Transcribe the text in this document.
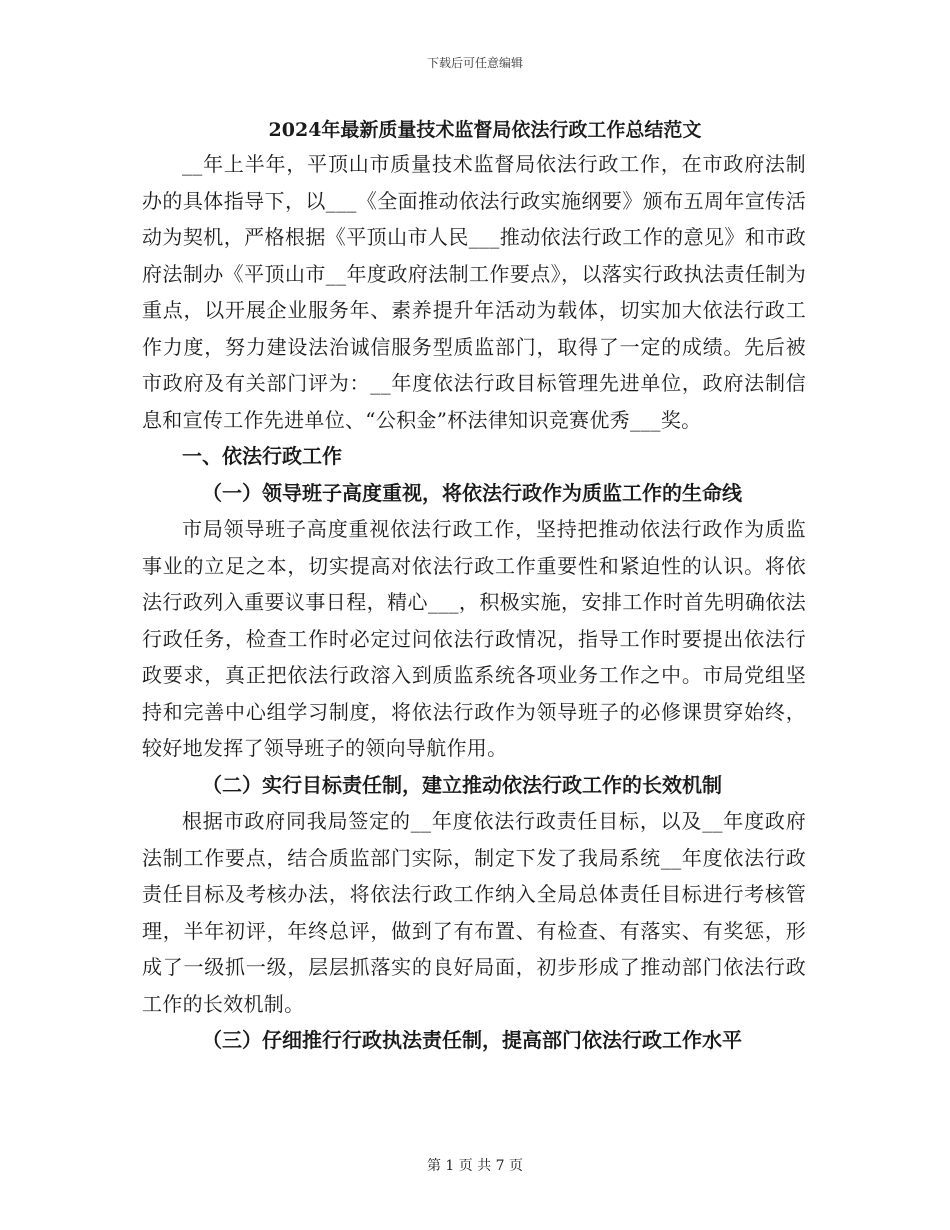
下载后可任意编辑
2024年最新质量技术监督局依法行政工作总结范文

__年上半年，平顶山市质量技术监督局依法行政工作，在市政府法制办的具体指导下，以___《全面推动依法行政实施纲要》颁布五周年宣传活动为契机，严格根据《平顶山市人民___推动依法行政工作的意见》和市政府法制办《平顶山市__年度政府法制工作要点》，以落实行政执法责任制为重点，以开展企业服务年、素养提升年活动为载体，切实加大依法行政工作力度，努力建设法治诚信服务型质监部门，取得了一定的成绩。先后被市政府及有关部门评为：__年度依法行政目标管理先进单位，政府法制信息和宣传工作先进单位、“公积金”杯法律知识竞赛优秀___奖。

一、依法行政工作

（一）领导班子高度重视，将依法行政作为质监工作的生命线

市局领导班子高度重视依法行政工作，坚持把推动依法行政作为质监事业的立足之本，切实提高对依法行政工作重要性和紧迫性的认识。将依法行政列入重要议事日程，精心___，积极实施，安排工作时首先明确依法行政任务，检查工作时必定过问依法行政情况，指导工作时要提出依法行政要求，真正把依法行政溶入到质监系统各项业务工作之中。市局党组坚持和完善中心组学习制度，将依法行政作为领导班子的必修课贯穿始终，较好地发挥了领导班子的领向导航作用。

（二）实行目标责任制，建立推动依法行政工作的长效机制

根据市政府同我局签定的__年度依法行政责任目标，以及__年度政府法制工作要点，结合质监部门实际，制定下发了我局系统__年度依法行政责任目标及考核办法，将依法行政工作纳入全局总体责任目标进行考核管理，半年初评，年终总评，做到了有布置、有检查、有落实、有奖惩，形成了一级抓一级，层层抓落实的良好局面，初步形成了推动部门依法行政工作的长效机制。

（三）仔细推行行政执法责任制，提高部门依法行政工作水平

第 1 页 共 7 页
